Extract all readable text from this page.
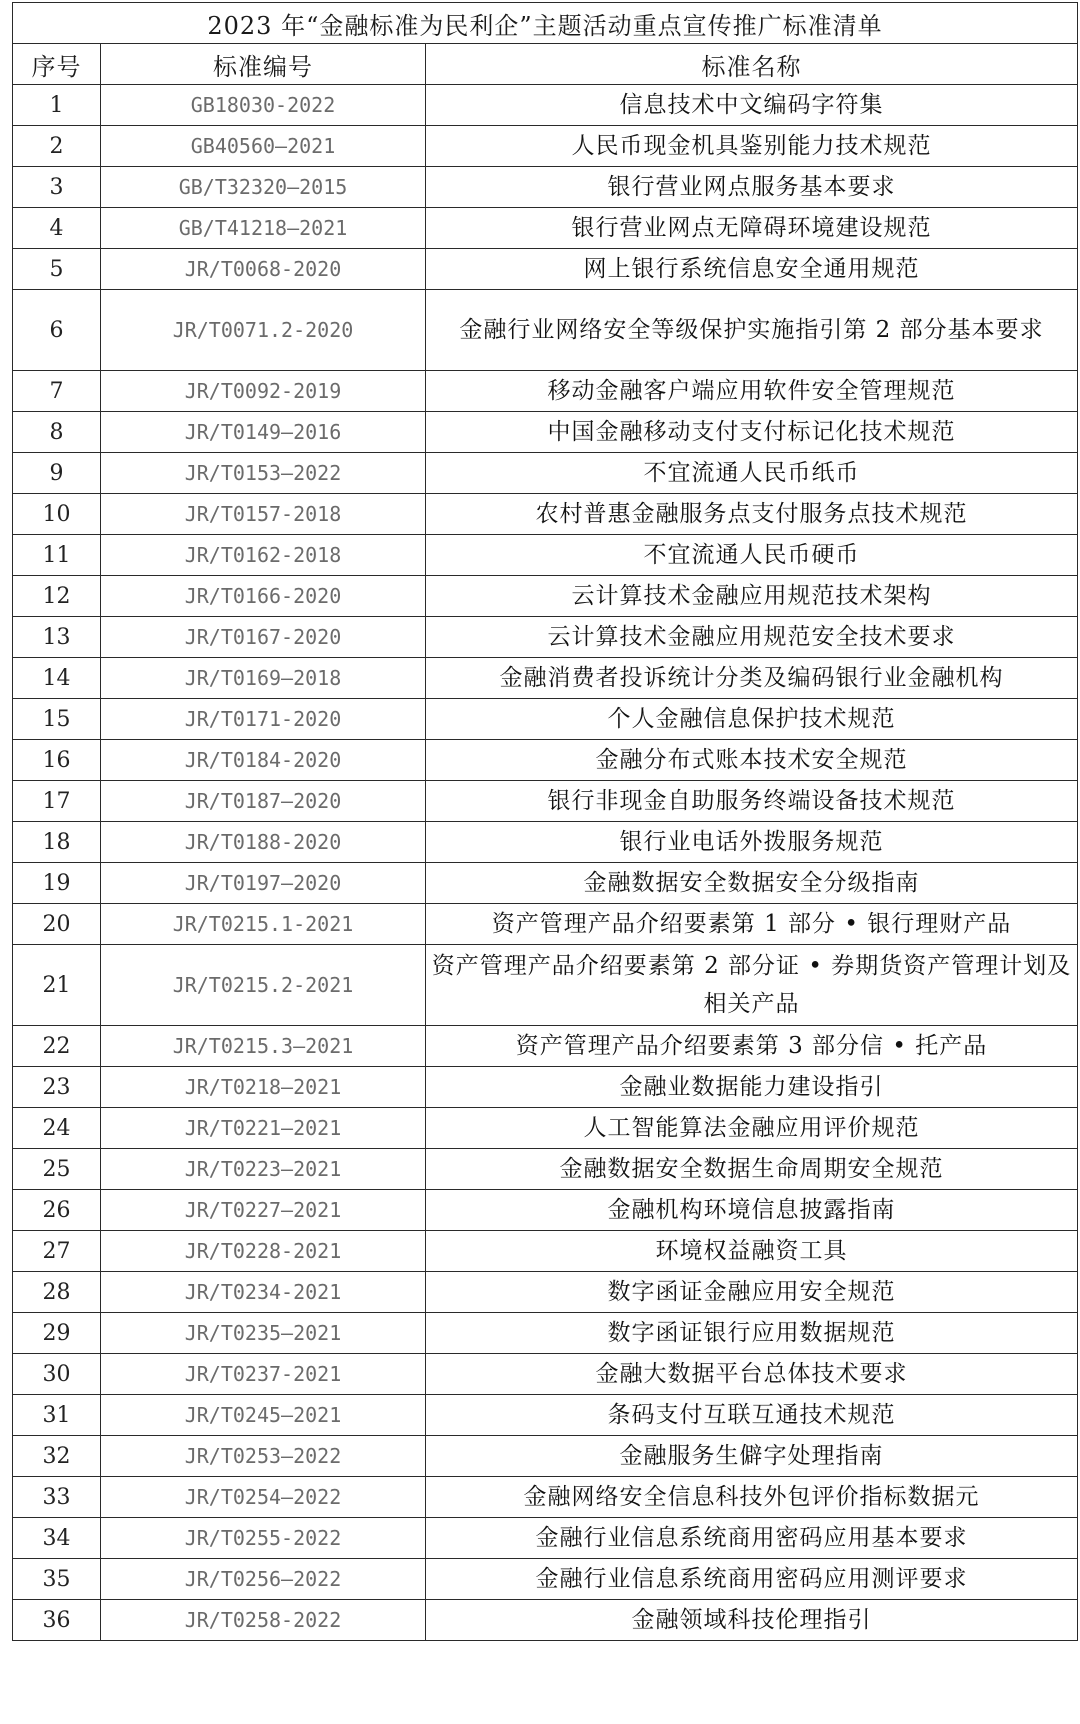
2023 年“金融标准为民利企”主题活动重点宣传推广标准清单		
序号	标准编号	标准名称
1	GB18030-2022	信息技术中文编码字符集
2	GB40560—2021	人民币现金机具鉴别能力技术规范
3	GB/T32320—2015	银行营业网点服务基本要求
4	GB/T41218—2021	银行营业网点无障碍环境建设规范
5	JR/T0068-2020	网上银行系统信息安全通用规范
6	JR/T0071.2-2020	金融行业网络安全等级保护实施指引第 2 部分基本要求
7	JR/T0092-2019	移动金融客户端应用软件安全管理规范
8	JR/T0149—2016	中国金融移动支付支付标记化技术规范
9	JR/T0153—2022	不宜流通人民币纸币
10	JR/T0157-2018	农村普惠金融服务点支付服务点技术规范
11	JR/T0162-2018	不宜流通人民币硬币
12	JR/T0166-2020	云计算技术金融应用规范技术架构
13	JR/T0167-2020	云计算技术金融应用规范安全技术要求
14	JR/T0169—2018	金融消费者投诉统计分类及编码银行业金融机构
15	JR/T0171-2020	个人金融信息保护技术规范
16	JR/T0184-2020	金融分布式账本技术安全规范
17	JR/T0187—2020	银行非现金自助服务终端设备技术规范
18	JR/T0188-2020	银行业电话外拨服务规范
19	JR/T0197—2020	金融数据安全数据安全分级指南
20	JR/T0215.1-2021	资产管理产品介绍要素第 1 部分 • 银行理财产品
21	JR/T0215.2-2021	资产管理产品介绍要素第 2 部分证 • 券期货资产管理计划及相关产品
22	JR/T0215.3—2021	资产管理产品介绍要素第 3 部分信 • 托产品
23	JR/T0218—2021	金融业数据能力建设指引
24	JR/T0221—2021	人工智能算法金融应用评价规范
25	JR/T0223—2021	金融数据安全数据生命周期安全规范
26	JR/T0227—2021	金融机构环境信息披露指南
27	JR/T0228-2021	环境权益融资工具
28	JR/T0234-2021	数字函证金融应用安全规范
29	JR/T0235—2021	数字函证银行应用数据规范
30	JR/T0237-2021	金融大数据平台总体技术要求
31	JR/T0245—2021	条码支付互联互通技术规范
32	JR/T0253—2022	金融服务生僻字处理指南
33	JR/T0254—2022	金融网络安全信息科技外包评价指标数据元
34	JR/T0255-2022	金融行业信息系统商用密码应用基本要求
35	JR/T0256—2022	金融行业信息系统商用密码应用测评要求
36	JR/T0258-2022	金融领域科技伦理指引
